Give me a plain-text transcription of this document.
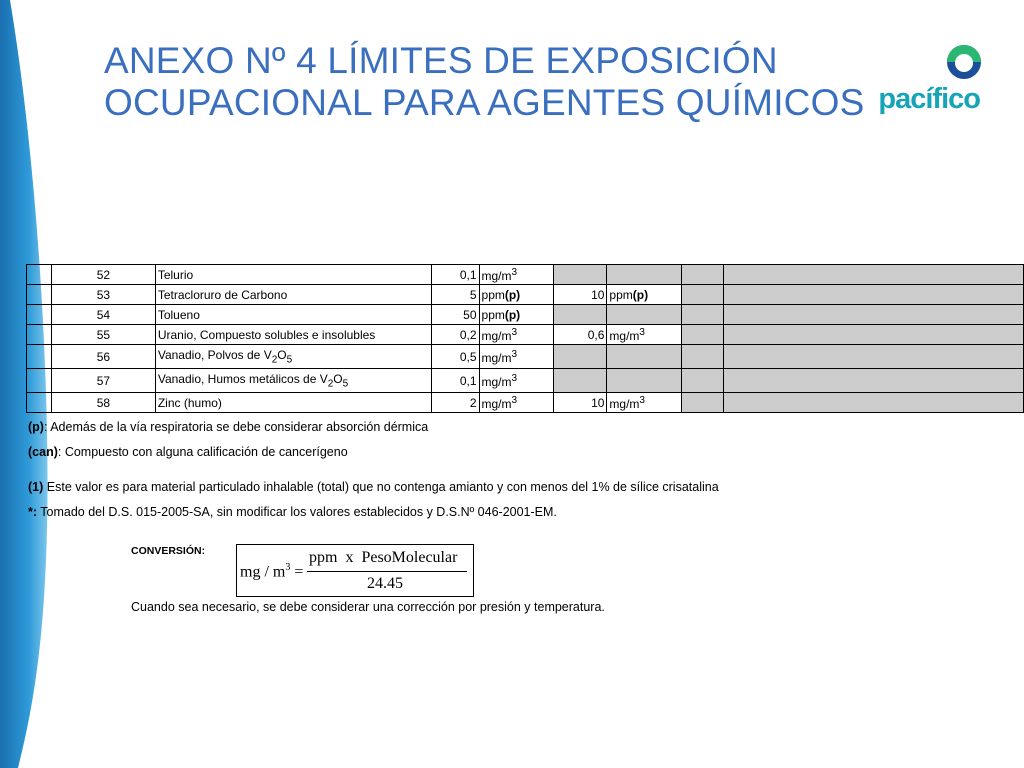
ANEXO Nº 4 LÍMITES DE EXPOSICIÓN
OCUPACIONAL PARA AGENTES QUÍMICOS pacífico
	52	Telurio	0,1	$mg/m^3$				
	53	Tetracloruro de Carbono	5	ppm(p)	10	ppm(p)		
	54	Tolueno	50	ppm(p)				
	55	Uranio, Compuesto solubles e insolubles	0,2	$mg/m^3$	0,6	$mg/m^3$		
	56	Vanadio, Polvos de $V_2O_5$	0,5	$mg/m^3$				
	57	Vanadio, Humos metálicos de $V_2O_5$	0,1	$mg/m^3$				
	58	Zinc (humo)	2	$mg/m^3$	10	$mg/m^3$		
(p): Además de la vía respiratoria se debe considerar absorción dérmica
(can): Compuesto con alguna calificación de cancerígeno
(1) Este valor es para material particulado inhalable (total) que no contenga amianto y con menos del 1% de sílice crisatalina
*: Tomado del D.S. 015-2005-SA, sin modificar los valores establecidos y D.S.Nº 046-2001-EM.
CONVERSIÓN:
mg / $m^3$ =
ppm  x  PesoMolecular
24.45
Cuando sea necesario, se debe considerar una corrección por presión y temperatura.
